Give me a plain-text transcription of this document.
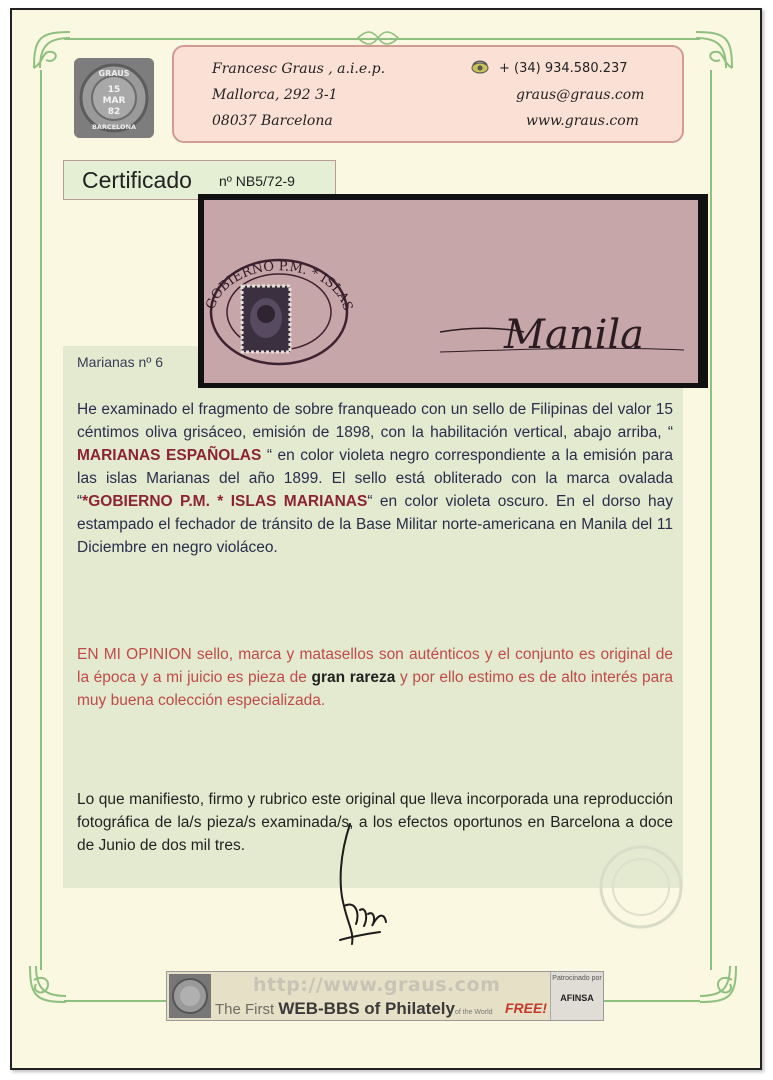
GRAUS
15
MAR
82
BARCELONA
Francesc Graus , a.i.e.p.
Mallorca, 292 3-1
08037 Barcelona
+ (34) 934.580.237
graus@graus.com
www.graus.com
Certificado nº NB5/72-9
GOBIERNO P.M. * ISLAS
Manila
Marianas nº 6

He examinado el fragmento de sobre franqueado con un sello de Filipinas del valor 15 céntimos oliva grisáceo, emisión de 1898, con la habilitación vertical, abajo arriba, “ MARIANAS ESPAÑOLAS “ en color violeta negro correspondiente a la emisión para las islas Marianas del año 1899. El sello está obliterado con la marca ovalada “*GOBIERNO P.M. * ISLAS MARIANAS“ en color violeta oscuro. En el dorso hay estampado el fechador de tránsito de la Base Militar norte-americana en Manila del 11 Diciembre en negro violáceo.

EN MI OPINION sello, marca y matasellos son auténticos y el conjunto es original de la época y a mi juicio es pieza de gran rareza y por ello estimo es de alto interés para muy buena colección especializada.

Lo que manifiesto, firmo y rubrico este original que lleva incorporada una reproducción fotográfica de la/s pieza/s examinada/s, a los efectos oportunos en Barcelona a doce de Junio de dos mil tres.

http://www.graus.com
The First WEB-BBS of Philatelyof the World FREE!
Patrocinado por
AFINSA
